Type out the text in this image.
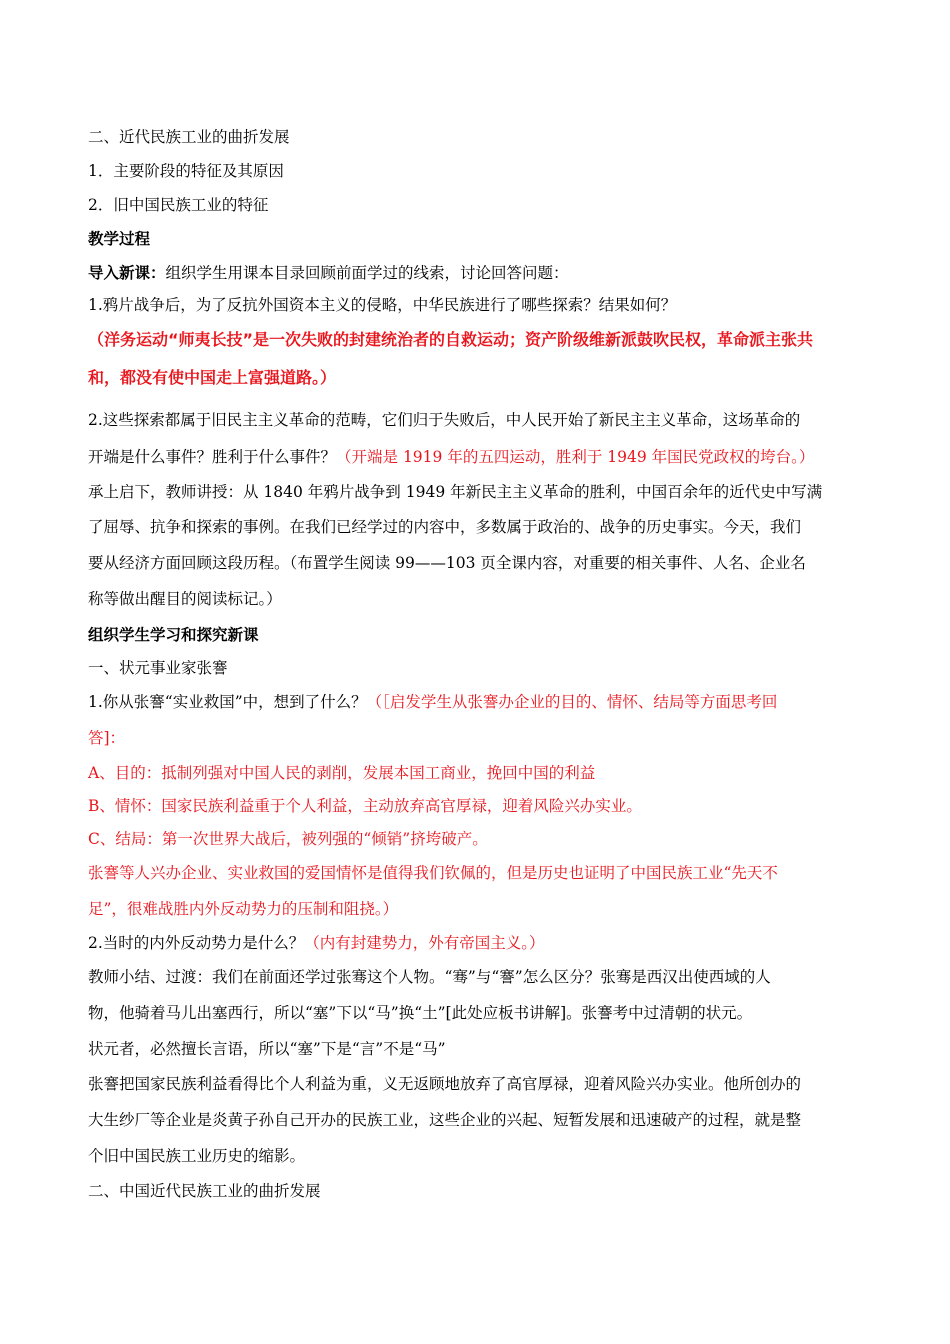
二、近代民族工业的曲折发展
1．主要阶段的特征及其原因
2．旧中国民族工业的特征
教学过程
导入新课：组织学生用课本目录回顾前面学过的线索，讨论回答问题：
1.鸦片战争后，为了反抗外国资本主义的侵略，中华民族进行了哪些探索？结果如何？
（洋务运动“师夷长技”是一次失败的封建统治者的自救运动；资产阶级维新派鼓吹民权，革命派主张共
和，都没有使中国走上富强道路。）
2.这些探索都属于旧民主主义革命的范畴，它们归于失败后，中人民开始了新民主主义革命，这场革命的
开端是什么事件？胜利于什么事件？（开端是 1919 年的五四运动，胜利于 1949 年国民党政权的垮台。）
承上启下，教师讲授：从 1840 年鸦片战争到 1949 年新民主主义革命的胜利，中国百余年的近代史中写满
了屈辱、抗争和探索的事例。在我们已经学过的内容中，多数属于政治的、战争的历史事实。今天，我们
要从经济方面回顾这段历程。（布置学生阅读 99——103 页全课内容，对重要的相关事件、人名、企业名
称等做出醒目的阅读标记。）
组织学生学习和探究新课
一、状元事业家张謇
1.你从张謇“实业救国”中，想到了什么？（［启发学生从张謇办企业的目的、情怀、结局等方面思考回
答]：
A、目的：抵制列强对中国人民的剥削，发展本国工商业，挽回中国的利益
B、情怀：国家民族利益重于个人利益，主动放弃高官厚禄，迎着风险兴办实业。
C、结局：第一次世界大战后，被列强的“倾销”挤垮破产。
张謇等人兴办企业、实业救国的爱国情怀是值得我们钦佩的，但是历史也证明了中国民族工业“先天不
足”，很难战胜内外反动势力的压制和阻挠。）
2.当时的内外反动势力是什么？（内有封建势力，外有帝国主义。）
教师小结、过渡：我们在前面还学过张骞这个人物。“骞”与“謇”怎么区分？张骞是西汉出使西域的人
物，他骑着马儿出塞西行，所以“塞”下以“马”换“土”[此处应板书讲解]。张謇考中过清朝的状元。
状元者，必然擅长言语，所以“塞”下是“言”不是“马”
张謇把国家民族利益看得比个人利益为重，义无返顾地放弃了高官厚禄，迎着风险兴办实业。他所创办的
大生纱厂等企业是炎黄子孙自己开办的民族工业，这些企业的兴起、短暂发展和迅速破产的过程，就是整
个旧中国民族工业历史的缩影。
二、中国近代民族工业的曲折发展
